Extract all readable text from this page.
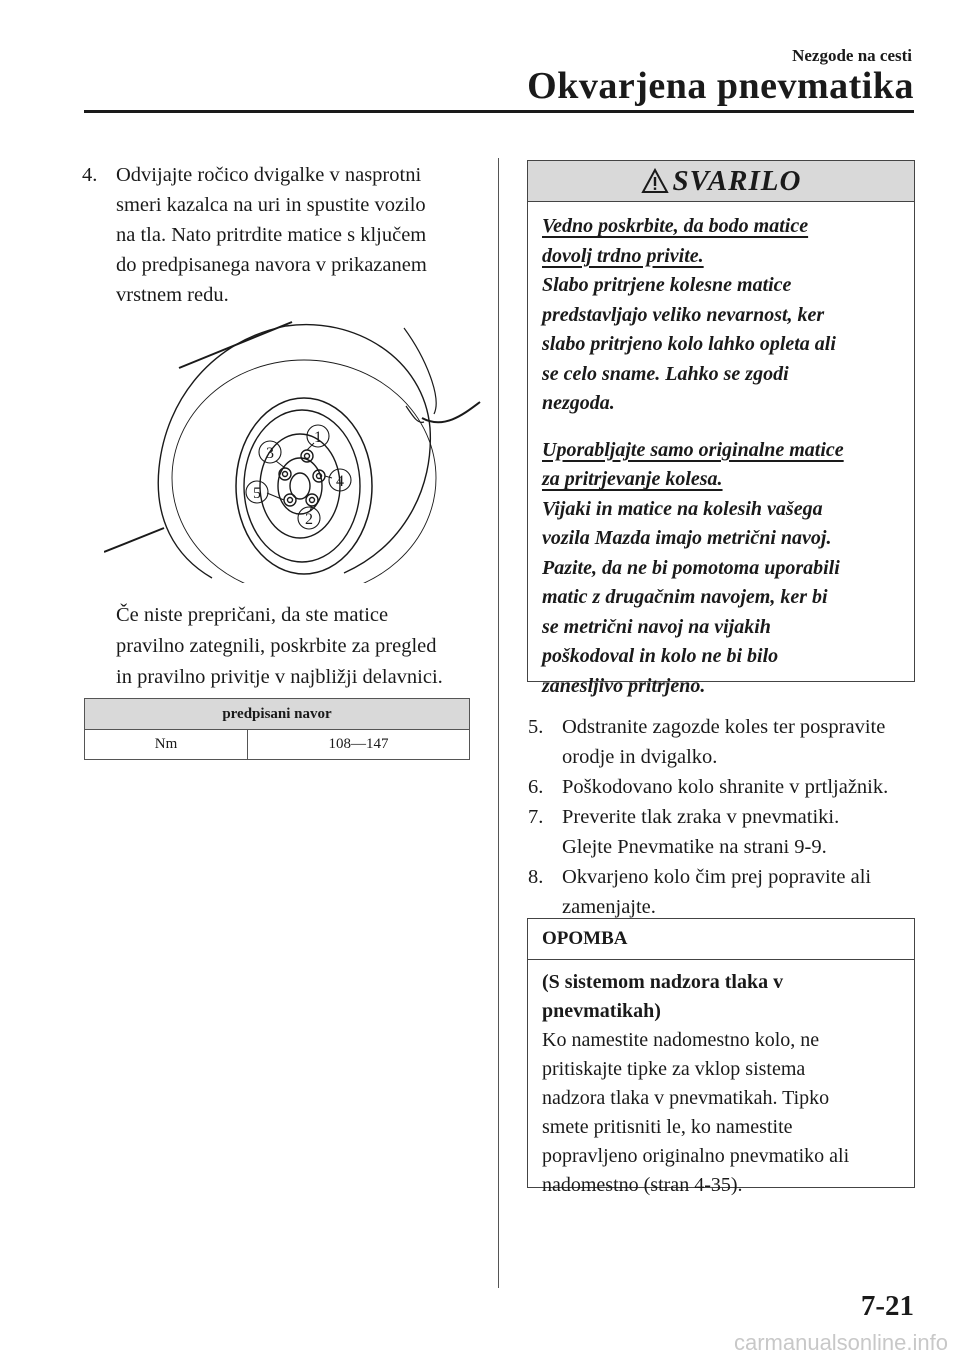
Nezgode na cesti
Okvarjena pnevmatika
4. Odvijajte ročico dvigalke v nasprotni
smeri kazalca na uri in spustite vozilo
na tla. Nato pritrdite matice s ključem
do predpisanega navora v prikazanem
vrstnem redu.
1
4
2
3
5
Če niste prepričani, da ste matice
pravilno zategnili, poskrbite za pregled
in pravilno privitje v najbližji delavnici.
predpisani navor
Nm	108―147
SVARILO

Vedno poskrbite, da bodo matice

dovolj trdno privite.

Slabo pritrjene kolesne matice

predstavljajo veliko nevarnost, ker

slabo pritrjeno kolo lahko opleta ali

se celo sname. Lahko se zgodi

nezgoda.

Uporabljajte samo originalne matice

za pritrjevanje kolesa.

Vijaki in matice na kolesih vašega

vozila Mazda imajo metrični navoj.

Pazite, da ne bi pomotoma uporabili

matic z drugačnim navojem, ker bi

se metrični navoj na vijakih

poškodoval in kolo ne bi bilo

zanesljivo pritrjeno.

5. Odstranite zagozde koles ter pospravite
orodje in dvigalko.
6. Poškodovano kolo shranite v prtljažnik.
7. Preverite tlak zraka v pnevmatiki.
Glejte Pnevmatike na strani 9-9.
8. Okvarjeno kolo čim prej popravite ali
zamenjajte.
OPOMBA

(S sistemom nadzora tlaka v

pnevmatikah)

Ko namestite nadomestno kolo, ne

pritiskajte tipke za vklop sistema

nadzora tlaka v pnevmatikah. Tipko

smete pritisniti le, ko namestite

popravljeno originalno pnevmatiko ali

nadomestno (stran 4-35).

7-21
carmanualsonline.info
